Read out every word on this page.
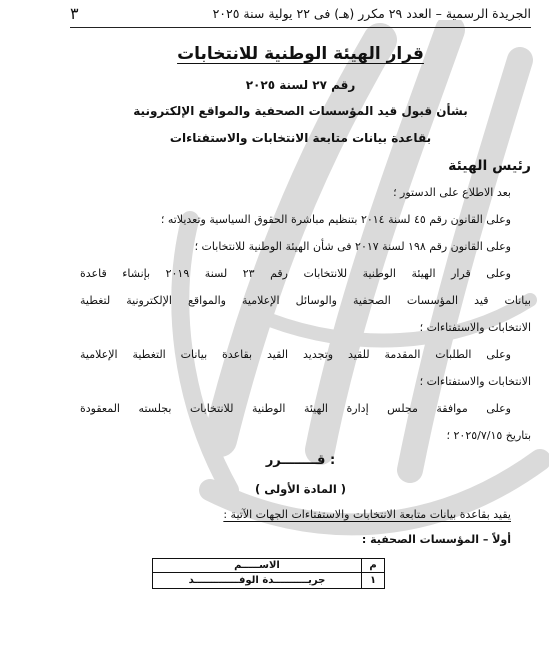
الجريدة الرسمية – العدد ٢٩ مكرر (هـ) فى ٢٢ يولية سنة ٢٠٢٥
٣
قرار الهيئة الوطنية للانتخابات
رقم ٢٧ لسنة ٢٠٢٥
بشأن قبول قيد المؤسسات الصحفية والمواقع الإلكترونية
بقاعدة بيانات متابعة الانتخابات والاستفتاءات
رئيس الهيئة
بعد الاطلاع على الدستور ؛
وعلى القانون رقم ٤٥ لسنة ٢٠١٤ بتنظيم مباشرة الحقوق السياسية وتعديلاته ؛
وعلى القانون رقم ١٩٨ لسنة ٢٠١٧ فى شأن الهيئة الوطنية للانتخابات ؛
وعلى قرار الهيئة الوطنية للانتخابات رقم ٢٣ لسنة ٢٠١٩ بإنشاء قاعدة
بيانات قيد المؤسسات الصحفية والوسائل الإعلامية والمواقع الإلكترونية لتغطية
الانتخابات والاستفتاءات ؛
وعلى الطلبات المقدمة للقيد وتجديد القيد بقاعدة بيانات التغطية الإعلامية
الانتخابات والاستفتاءات ؛
وعلى موافقة مجلس إدارة الهيئة الوطنية للانتخابات بجلسته المعقودة
بتاريخ ٢٠٢٥/٧/١٥ ؛
: قــــــــرر
( المادة الأولى )
يقيد بقاعدة بيانات متابعة الانتخابات والاستفتاءات الجهات الآتية :
أولاً – المؤسسات الصحفية :
م	الاســـــم
١	جريــــــــــدة الوفـــــــــــــد
